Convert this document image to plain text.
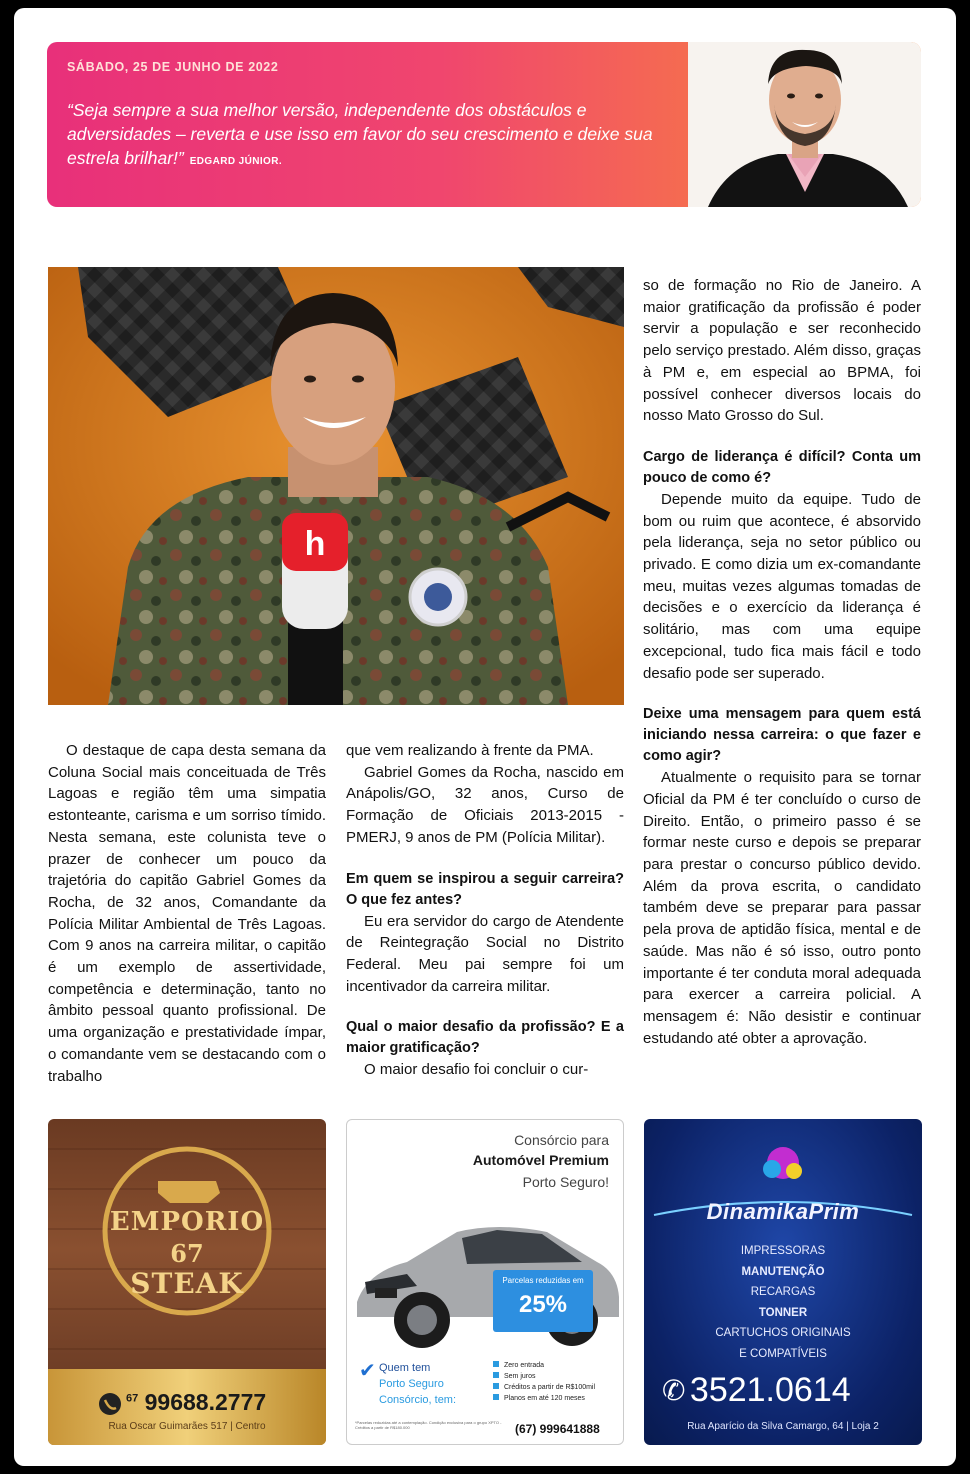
SÁBADO, 25 DE JUNHO DE 2022
“Seja sempre a sua melhor versão, independente dos obstáculos e adversidades – reverta e use isso em favor do seu crescimento e deixe sua estrela brilhar!” EDGARD JÚNIOR.
h

O destaque de capa desta semana da Coluna Social mais conceituada de Três Lagoas e região têm uma simpatia estonteante, carisma e um sorriso tímido. Nesta semana, este colunista teve o prazer de conhecer um pouco da trajetória do capitão Gabriel Gomes da Rocha, de 32 anos, Comandante da Polícia Militar Ambiental de Três Lagoas. Com 9 anos na carreira militar, o capitão é um exemplo de assertividade, competência e determinação, tanto no âmbito pessoal quanto profissional. De uma organização e prestatividade ímpar, o comandante vem se destacando com o trabalho

que vem realizando à frente da PMA.

Gabriel Gomes da Rocha, nascido em Anápolis/GO, 32 anos, Curso de Formação de Oficiais 2013-2015 - PMERJ, 9 anos de PM (Polícia Militar).

Em quem se inspirou a seguir carreira? O que fez antes?

Eu era servidor do cargo de Atendente de Reintegração Social no Distrito Federal. Meu pai sempre foi um incentivador da carreira militar.

Qual o maior desafio da profissão? E a maior gratificação?

O maior desafio foi concluir o cur-

so de formação no Rio de Janeiro. A maior gratificação da profissão é poder servir a população e ser reconhecido pelo serviço prestado. Além disso, graças à PM e, em especial ao BPMA, foi possível conhecer diversos locais do nosso Mato Grosso do Sul.

Cargo de liderança é difícil? Conta um pouco de como é?

Depende muito da equipe. Tudo de bom ou ruim que acontece, é absorvido pela liderança, seja no setor público ou privado. E como dizia um ex-comandante meu, muitas vezes algumas tomadas de decisões e o exercício da liderança é solitário, mas com uma equipe excepcional, tudo fica mais fácil e todo desafio pode ser superado.

Deixe uma mensagem para quem está iniciando nessa carreira: o que fazer e como agir?

Atualmente o requisito para se tornar Oficial da PM é ter concluído o curso de Direito. Então, o primeiro passo é se formar neste curso e depois se preparar para prestar o concurso público devido. Além da prova escrita, o candidato também deve se preparar para passar pela prova de aptidão física, mental e de saúde. Mas não é só isso, outro ponto importante é ter conduta moral adequada para exercer a carreira policial. A mensagem é: Não desistir e continuar estudando até obter a aprovação.

EMPORIO
67
STEAK
$^{67}$ 99688.2777
Rua Oscar Guimarães 517 | Centro
Consórcio para
Automóvel Premium
Porto Seguro!
Parcelas reduzidas em
25%
✔ Quem tem
Porto Seguro
Consórcio, tem:
Zero entrada
Sem juros
Créditos a partir de R$100mil
Planos em até 120 meses
*Parcelas reduzidas até a contemplação. Condição exclusiva para o grupo XPTO - Créditos a partir de R$180.000	(67) 999641888
DinamikaPrim
IMPRESSORAS
MANUTENÇÃO
RECARGAS
TONNER
CARTUCHOS ORIGINAIS
E COMPATÍVEIS
✆ 3521.0614
Rua Aparício da Silva Camargo, 64 | Loja 2
